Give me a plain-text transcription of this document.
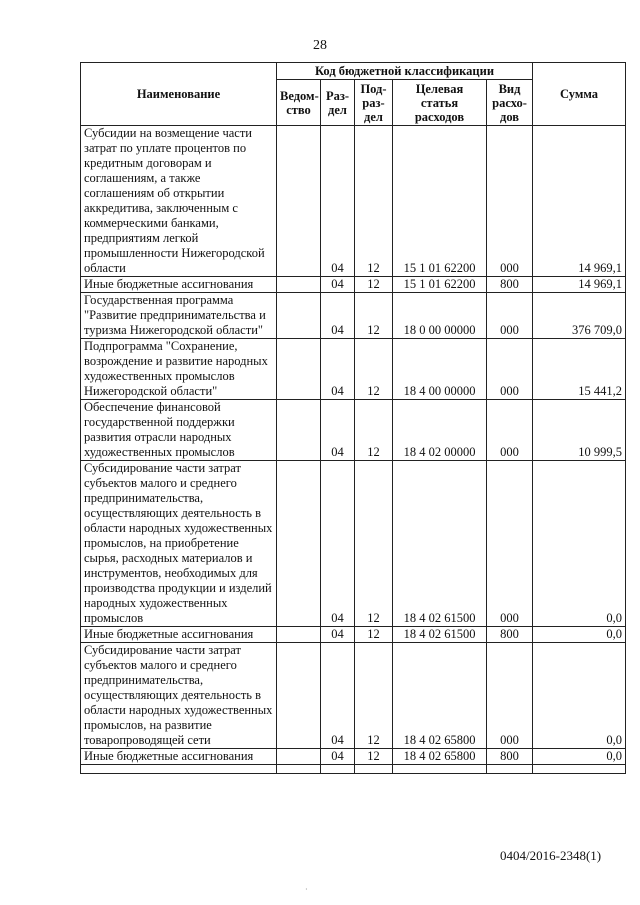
28
Наименование	Код бюджетной классификации					Сумма
	Ведом-ство	Раз-дел	Под-раз-дел	Целевая статья расходов	Вид расхо-дов	
Субсидии на возмещение части затрат по уплате процентов по кредитным договорам и соглашениям, а также соглашениям об открытии аккредитива, заключенным с коммерческими банками, предприятиям легкой промышленности Нижегородской области		04	12	15 1 01 62200	000	14 969,1
Иные бюджетные ассигнования		04	12	15 1 01 62200	800	14 969,1
Государственная программа "Развитие предпринимательства и туризма Нижегородской области"		04	12	18 0 00 00000	000	376 709,0
Подпрограмма "Сохранение, возрождение и развитие народных художественных промыслов Нижегородской области"		04	12	18 4 00 00000	000	15 441,2
Обеспечение финансовой государственной поддержки развития отрасли народных художественных промыслов		04	12	18 4 02 00000	000	10 999,5
Субсидирование части затрат субъектов малого и среднего предпринимательства, осуществляющих деятельность в области народных художественных промыслов, на приобретение сырья, расходных материалов и инструментов, необходимых для производства продукции и изделий народных художественных промыслов		04	12	18 4 02 61500	000	0,0
Иные бюджетные ассигнования		04	12	18 4 02 61500	800	0,0
Субсидирование части затрат субъектов малого и среднего предпринимательства, осуществляющих деятельность в области народных художественных промыслов, на развитие товаропроводящей сети		04	12	18 4 02 65800	000	0,0
Иные бюджетные ассигнования		04	12	18 4 02 65800	800	0,0

0404/2016-2348(1)
·
